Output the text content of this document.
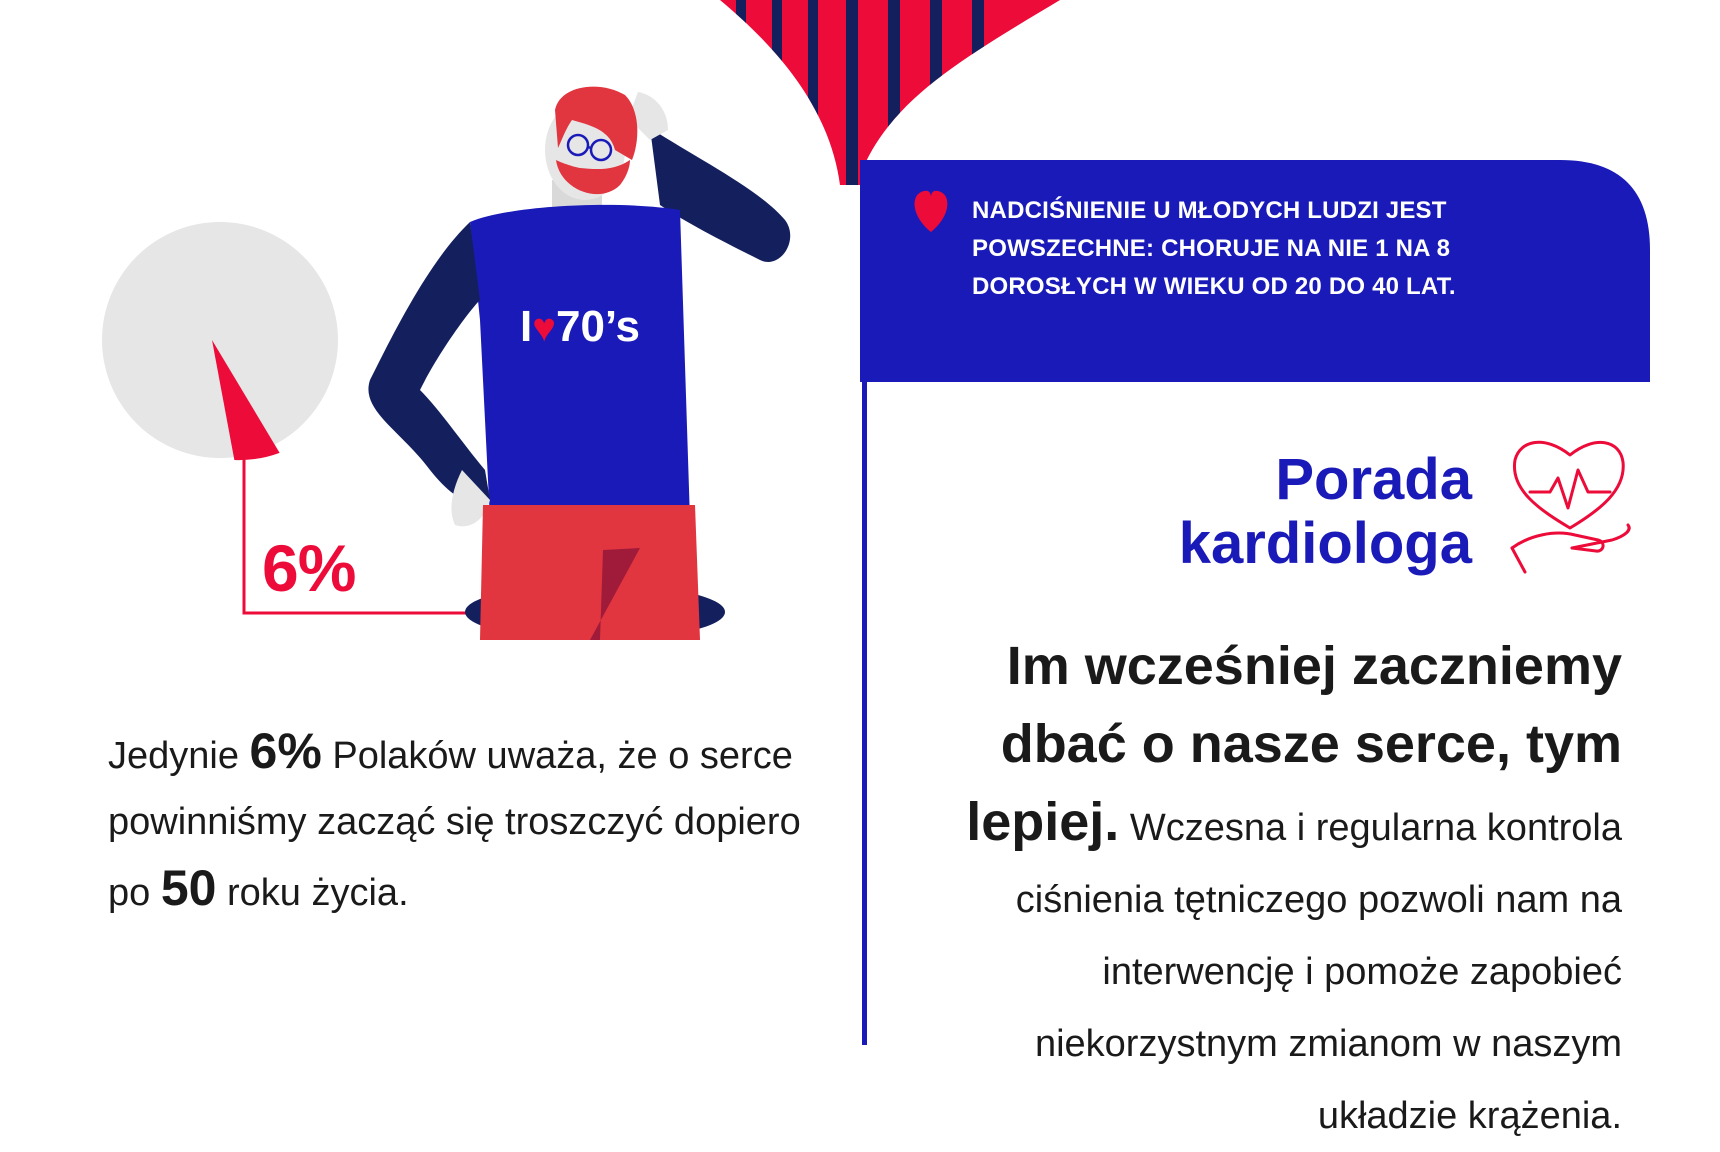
I♥70’s
6%
Jedynie 6% Polaków uważa, że o serce powinniśmy zacząć się troszczyć dopiero po 50 roku życia.
NADCIŚNIENIE U MŁODYCH LUDZI JEST POWSZECHNE: CHORUJE NA NIE 1 NA 8 DOROSŁYCH W WIEKU OD 20 DO 40 LAT.
Porada
kardiologa
Im wcześniej zaczniemy dbać o nasze serce, tym lepiej. Wczesna i regularna kontrola ciśnienia tętniczego pozwoli nam na interwencję i pomoże zapobieć niekorzystnym zmianom w naszym układzie krążenia.
